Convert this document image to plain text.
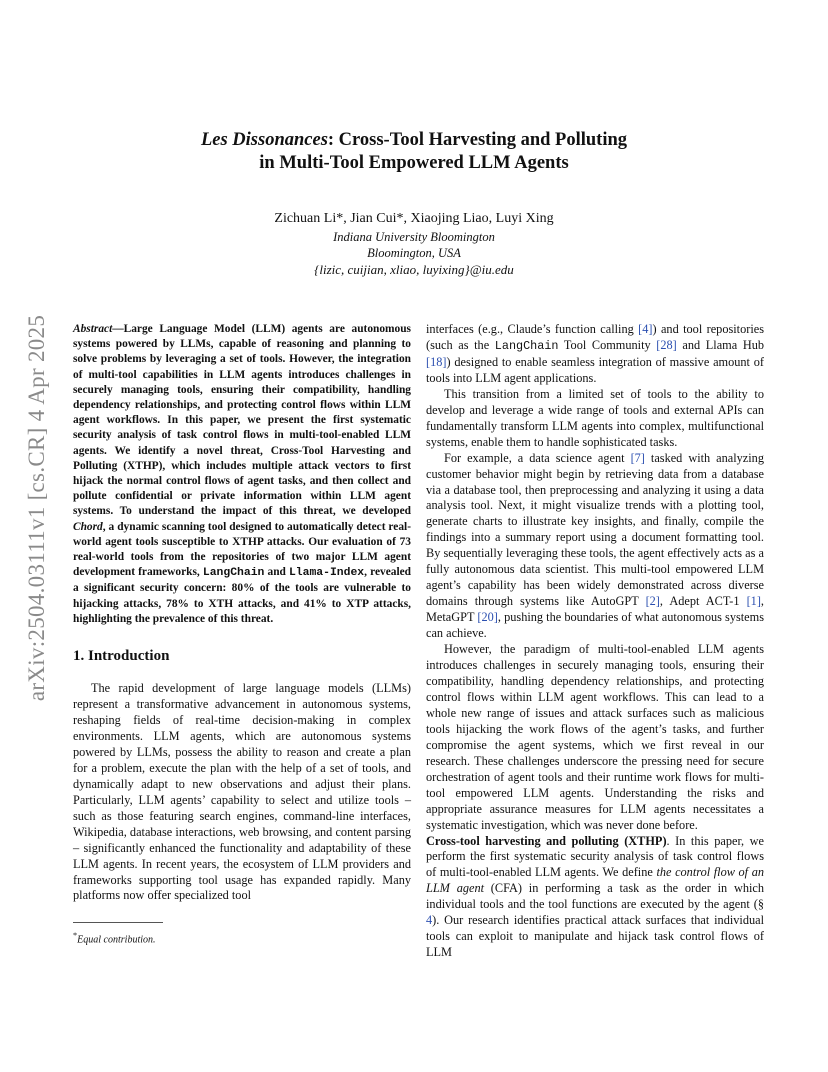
arXiv:2504.03111v1 [cs.CR] 4 Apr 2025
Les Dissonances: Cross-Tool Harvesting and Polluting
in Multi-Tool Empowered LLM Agents
Zichuan Li*, Jian Cui*, Xiaojing Liao, Luyi Xing
Indiana University Bloomington
Bloomington, USA
{lizic, cuijian, xliao, luyixing}@iu.edu

Abstract—Large Language Model (LLM) agents are autonomous systems powered by LLMs, capable of reasoning and planning to solve problems by leveraging a set of tools. However, the integration of multi-tool capabilities in LLM agents introduces challenges in securely managing tools, ensuring their compatibility, handling dependency relationships, and protecting control flows within LLM agent workflows. In this paper, we present the first systematic security analysis of task control flows in multi-tool-enabled LLM agents. We identify a novel threat, Cross-Tool Harvesting and Polluting (XTHP), which includes multiple attack vectors to first hijack the normal control flows of agent tasks, and then collect and pollute confidential or private information within LLM agent systems. To understand the impact of this threat, we developed Chord, a dynamic scanning tool designed to automatically detect real-world agent tools susceptible to XTHP attacks. Our evaluation of 73 real-world tools from the repositories of two major LLM agent development frameworks, LangChain and Llama-Index, revealed a significant security concern: 80% of the tools are vulnerable to hijacking attacks, 78% to XTH attacks, and 41% to XTP attacks, highlighting the prevalence of this threat.

1. Introduction

The rapid development of large language models (LLMs) represent a transformative advancement in autonomous systems, reshaping fields of real-time decision-making in complex environments. LLM agents, which are autonomous systems powered by LLMs, possess the ability to reason and create a plan for a problem, execute the plan with the help of a set of tools, and dynamically adapt to new observations and adjust their plans. Particularly, LLM agents’ capability to select and utilize tools – such as those featuring search engines, command-line interfaces, Wikipedia, database interactions, web browsing, and content parsing – significantly enhanced the functionality and adaptability of these LLM agents. In recent years, the ecosystem of LLM providers and frameworks supporting tool usage has expanded rapidly. Many platforms now offer specialized tool

*Equal contribution.

interfaces (e.g., Claude’s function calling [4]) and tool repositories (such as the LangChain Tool Community [28] and Llama Hub [18]) designed to enable seamless integration of massive amount of tools into LLM agent applications.

This transition from a limited set of tools to the ability to develop and leverage a wide range of tools and external APIs can fundamentally transform LLM agents into complex, multifunctional systems, enable them to handle sophisticated tasks.

For example, a data science agent [7] tasked with analyzing customer behavior might begin by retrieving data from a database via a database tool, then preprocessing and analyzing it using a data analysis tool. Next, it might visualize trends with a plotting tool, generate charts to illustrate key insights, and finally, compile the findings into a summary report using a document formatting tool. By sequentially leveraging these tools, the agent effectively acts as a fully autonomous data scientist. This multi-tool empowered LLM agent’s capability has been widely demonstrated across diverse domains through systems like AutoGPT [2], Adept ACT-1 [1], MetaGPT [20], pushing the boundaries of what autonomous systems can achieve.

However, the paradigm of multi-tool-enabled LLM agents introduces challenges in securely managing tools, ensuring their compatibility, handling dependency relationships, and protecting control flows within LLM agent workflows. This can lead to a whole new range of issues and attack surfaces such as malicious tools hijacking the work flows of the agent’s tasks, and further compromise the agent systems, which we first reveal in our research. These challenges underscore the pressing need for secure orchestration of agent tools and their runtime work flows for multi-tool empowered LLM agents. Understanding the risks and appropriate assurance measures for LLM agents necessitates a systematic investigation, which was never done before.

Cross-tool harvesting and polluting (XTHP). In this paper, we perform the first systematic security analysis of task control flows of multi-tool-enabled LLM agents. We define the control flow of an LLM agent (CFA) in performing a task as the order in which individual tools and the tool functions are executed by the agent (§ 4). Our research identifies practical attack surfaces that individual tools can exploit to manipulate and hijack task control flows of LLM
